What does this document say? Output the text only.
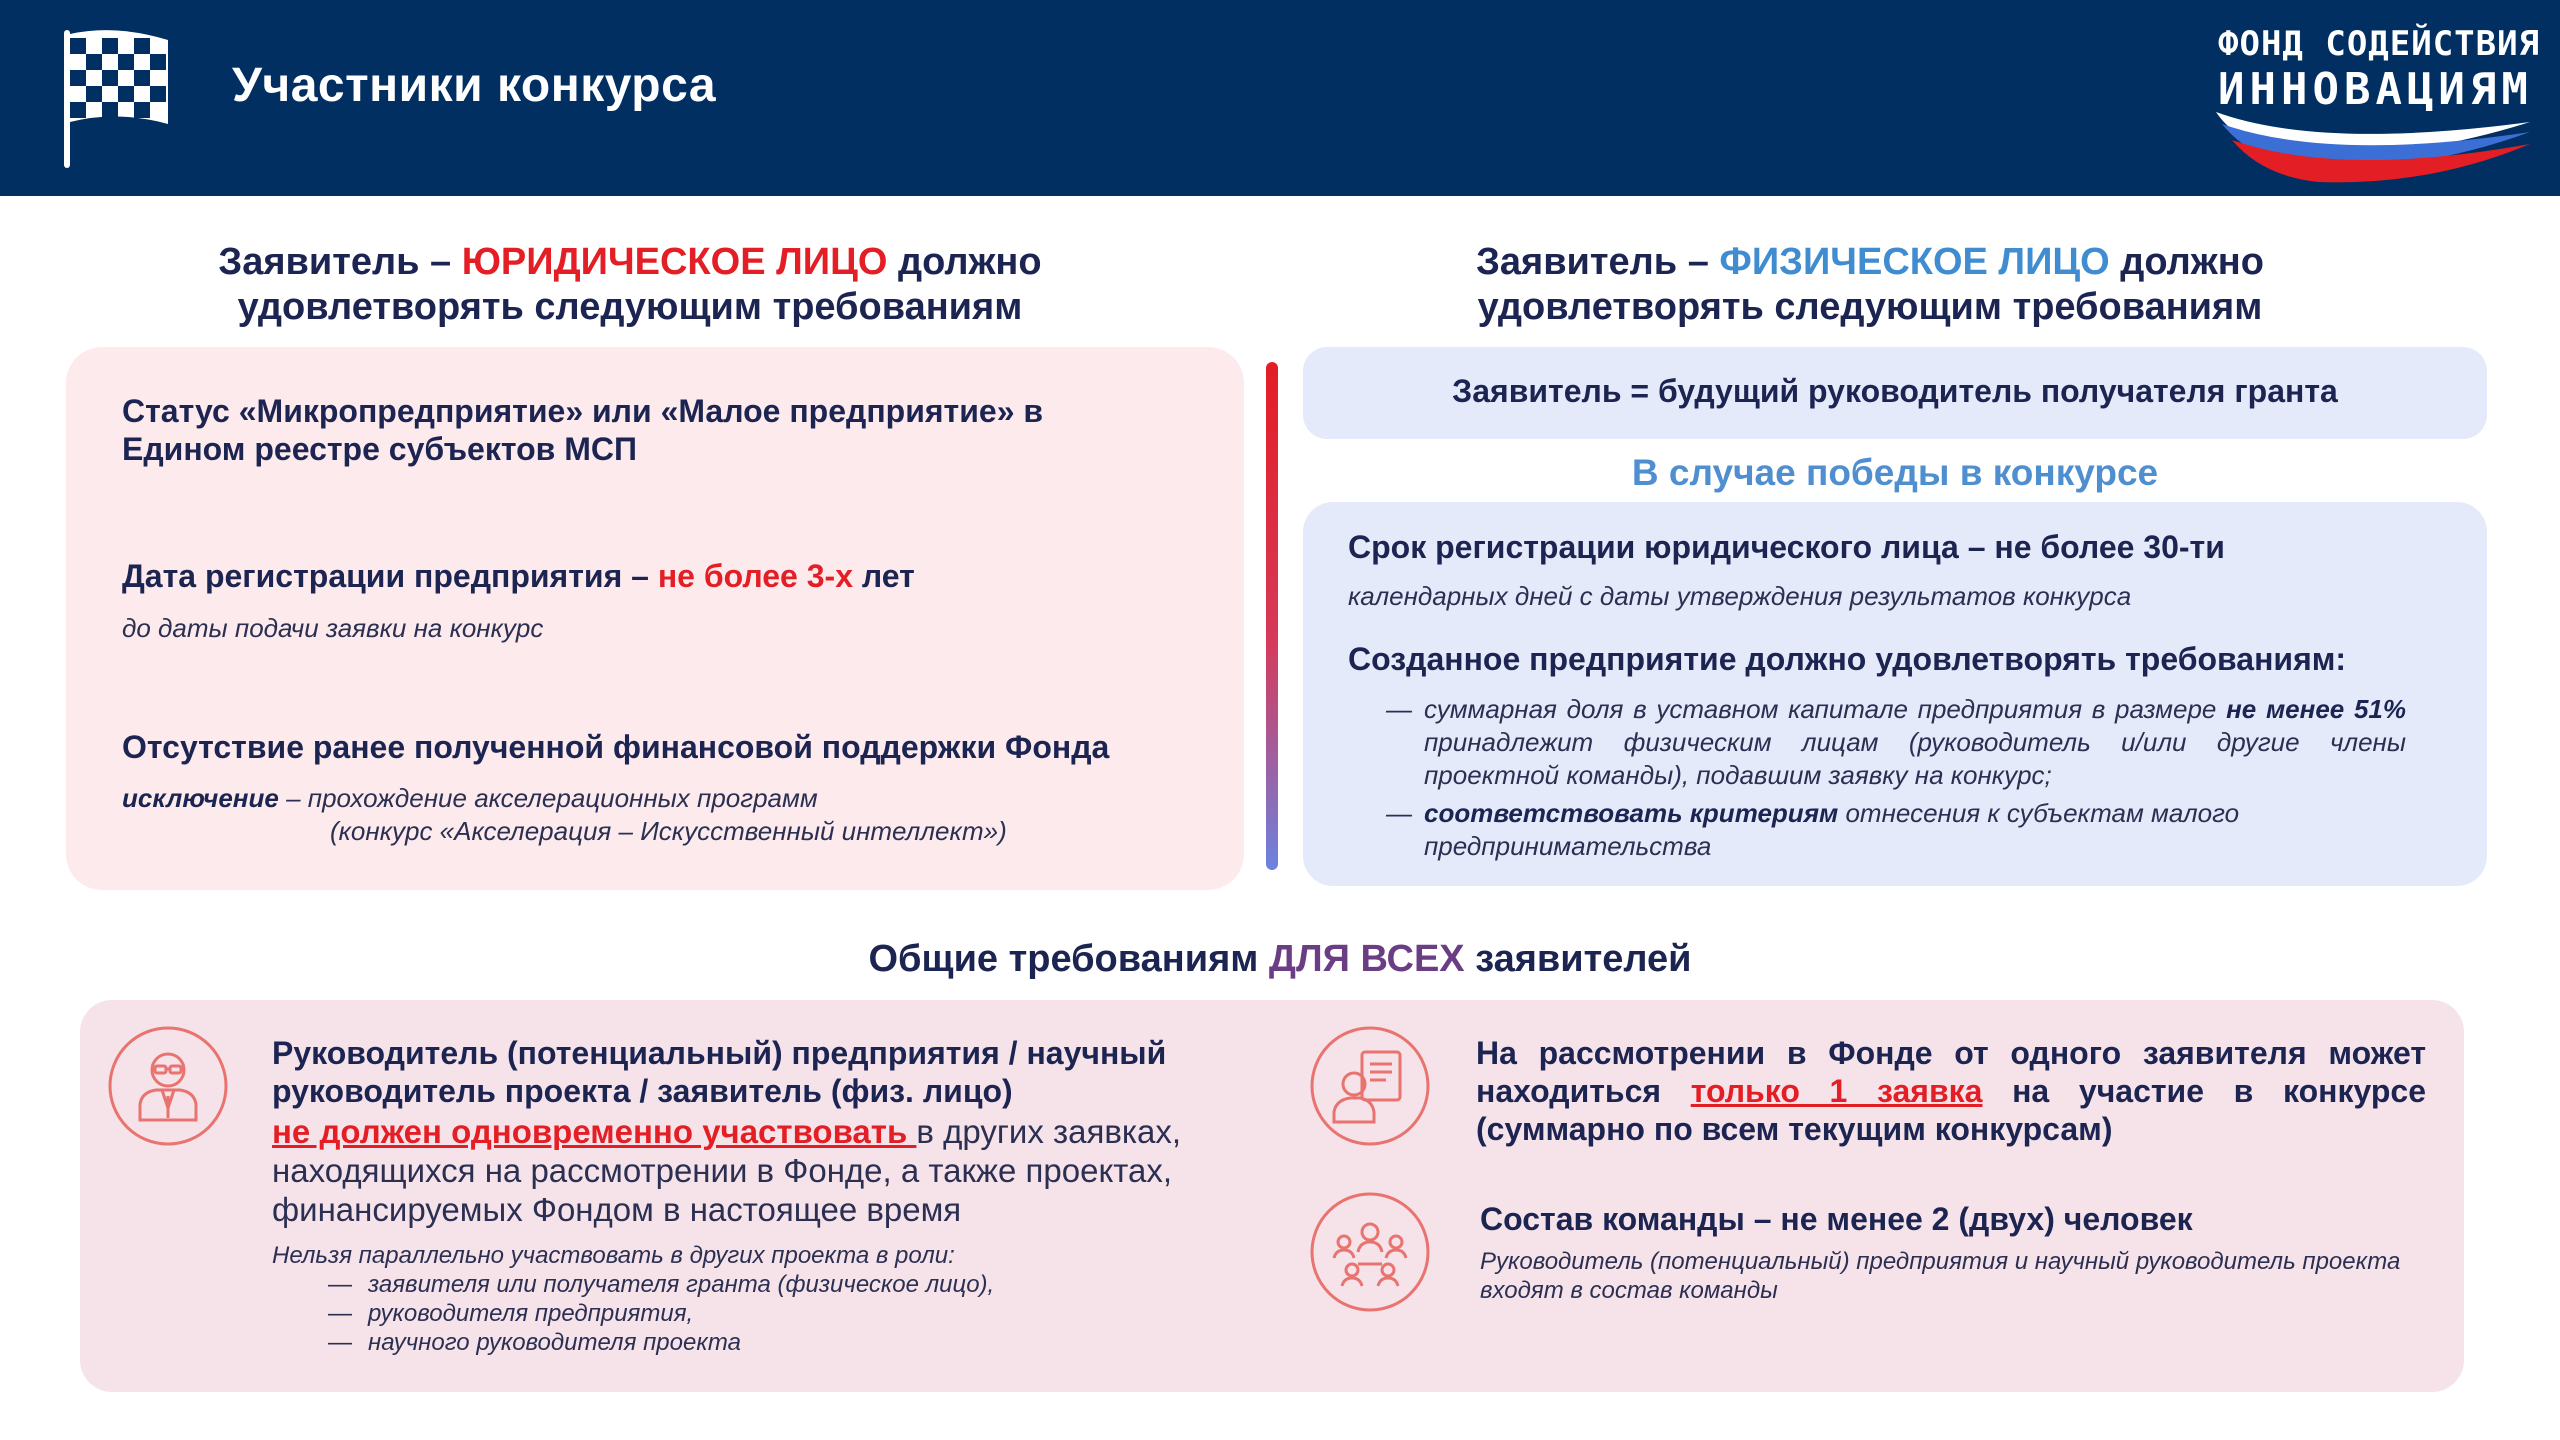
Участники конкурса
ФОНД СОДЕЙСТВИЯ
ИННОВАЦИЯМ
Заявитель – ЮРИДИЧЕСКОЕ ЛИЦО должно удовлетворять следующим требованиям
Заявитель – ФИЗИЧЕСКОЕ ЛИЦО должно удовлетворять следующим требованиям
Статус «Микропредприятие» или «Малое предприятие» в Едином реестре субъектов МСП
Дата регистрации предприятия – не более 3-х лет
до даты подачи заявки на конкурс
Отсутствие ранее полученной финансовой поддержки Фонда
исключение – прохождение акселерационных программ
(конкурс «Акселерация – Искусственный интеллект»)
Заявитель = будущий руководитель получателя гранта
В случае победы в конкурсе
Срок регистрации юридического лица – не более 30-ти
календарных дней с даты утверждения результатов конкурса
Созданное предприятие должно удовлетворять требованиям:
— суммарная доля в уставном капитале предприятия в размере не менее 51% принадлежит физическим лицам (руководитель и/или другие члены проектной команды), подавшим заявку на конкурс;
— соответствовать критериям отнесения к субъектам малого предпринимательства
Общие требованиям ДЛЯ ВСЕХ заявителей
Руководитель (потенциальный) предприятия / научный руководитель проекта / заявитель (физ. лицо)
не должен одновременно участвовать в других заявках, находящихся на рассмотрении в Фонде, а также проектах, финансируемых Фондом в настоящее время
Нельзя параллельно участвовать в других проекта в роли:
— заявителя или получателя гранта (физическое лицо),
— руководителя предприятия,
— научного руководителя проекта
На рассмотрении в Фонде от одного заявителя может находиться только 1 заявка на участие в конкурсе (суммарно по всем текущим конкурсам)
Состав команды – не менее 2 (двух) человек
Руководитель (потенциальный) предприятия и научный руководитель проекта входят в состав команды
